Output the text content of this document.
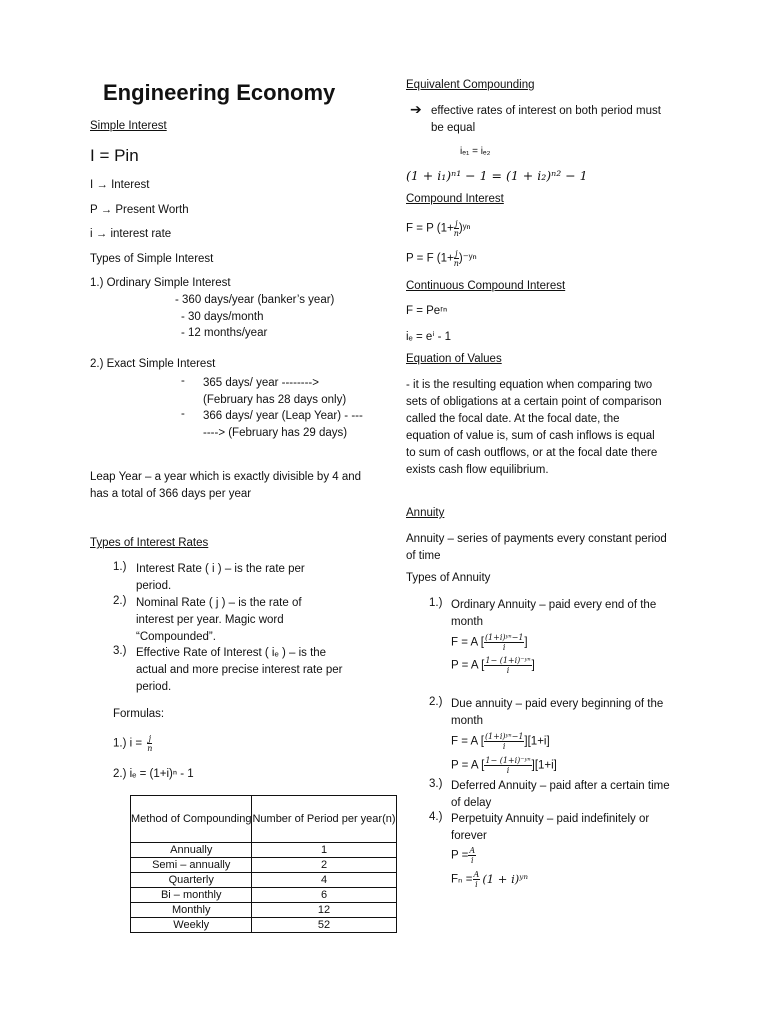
Engineering Economy
Simple Interest
I = Pin
I → Interest
P → Present Worth
i → interest rate
Types of Simple Interest
1.) Ordinary Simple Interest
- 360 days/year (banker’s year)
- 30 days/month
- 12 months/year
2.) Exact Simple Interest
- 365 days/ year --------> (February has 28 days only)
- 366 days/ year (Leap Year) - -------> (February has 29 days)
Leap Year – a year which is exactly divisible by 4 and has a total of 366 days per year
Types of Interest Rates
1.) Interest Rate ( i ) – is the rate per period.
2.) Nominal Rate ( j ) – is the rate of interest per year. Magic word “Compounded”.
3.) Effective Rate of Interest ( iₑ ) – is the actual and more precise interest rate per period.
Formulas:
1.) $i = \frac{j}{n}$
2.) iₑ = (1+i)ⁿ - 1
Method of Compounding	Number of Period per year(n)
Annually	1
Semi – annually	2
Quarterly	4
Bi – monthly	6
Monthly	12
Weekly	52
Equivalent Compounding
➔ effective rates of interest on both period must be equal
iₑ₁ = iₑ₂
(1 + i₁)ⁿ¹ − 1 = (1 + i₂)ⁿ² − 1
Compound Interest
F = P ($1+ \frac{j}{n}$ )ʸⁿ
P = F ($1+ \frac{j}{n}$ )⁻ʸⁿ
Continuous Compound Interest
F = Peʳⁿ
iₑ = eⁱ - 1
Equation of Values
- it is the resulting equation when comparing two sets of obligations at a certain point of comparison called the focal date. At the focal date, the equation of value is, sum of cash inflows is equal to sum of cash outflows, or at the focal date there exists cash flow equilibrium.
Annuity
Annuity – series of payments every constant period of time
Types of Annuity
1.) Ordinary Annuity – paid every end of the month
F = A [ $\frac{\text{(1+i)ʸⁿ−1}}{i}$ ]
P = A [ $\frac{\text{1− (1+i)⁻ʸⁿ}}{i}$ ]
2.) Due annuity – paid every beginning of the month
F = A [ $\frac{\text{(1+i)ʸⁿ−1}}{i} ][1+i]$
P = A [ $\frac{\text{1− (1+i)⁻ʸⁿ}}{i} ][1+i]$
3.) Deferred Annuity – paid after a certain time of delay
4.) Perpetuity Annuity – paid indefinitely or forever
$P = \frac{A}{i}$
$F_n = \frac{A}{i} (1$ + i)ʸⁿ
